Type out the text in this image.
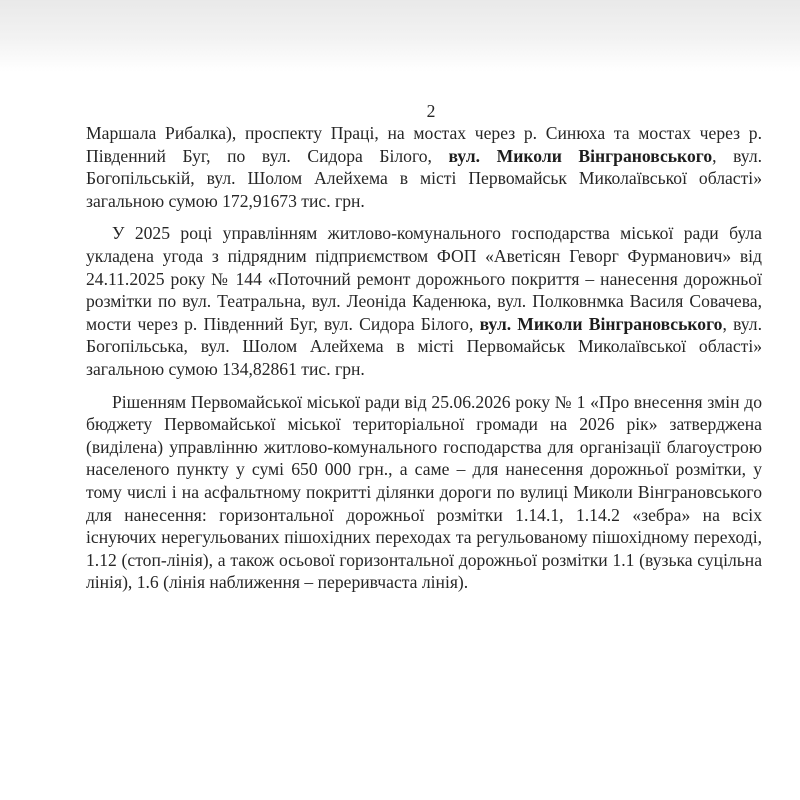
2

Маршала Рибалка), проспекту Праці, на мостах через р. Синюха та мостах через р. Південний Буг, по вул. Сидора Білого, вул. Миколи Вінграновського, вул. Богопільській, вул. Шолом Алейхема в місті Первомайськ Миколаївської області» загальною сумою 172,91673 тис. грн.

У 2025 році управлінням житлово-комунального господарства міської ради була укладена угода з підрядним підприємством ФОП «Аветісян Геворг Фурманович» від 24.11.2025 року № 144 «Поточний ремонт дорожнього покриття – нанесення дорожньої розмітки по вул. Театральна, вул. Леоніда Каденюка, вул. Полковнмка Василя Совачева, мости через р. Південний Буг, вул. Сидора Білого, вул. Миколи Вінграновського, вул. Богопільська, вул. Шолом Алейхема в місті Первомайськ Миколаївської області» загальною сумою 134,82861 тис. грн.

Рішенням Первомайської міської ради від 25.06.2026 року № 1 «Про внесення змін до бюджету Первомайської міської територіальної громади на 2026 рік» затверджена (виділена) управлінню житлово-комунального господарства для організації благоустрою населеного пункту у сумі 650 000 грн., а саме – для нанесення дорожньої розмітки, у тому числі і на асфальтному покритті ділянки дороги по вулиці Миколи Вінграновського для нанесення: горизонтальної дорожньої розмітки 1.14.1, 1.14.2 «зебра» на всіх існуючих нерегульованих пішохідних переходах та регульованому пішохідному переході, 1.12 (стоп-лінія), а також осьової горизонтальної дорожньої розмітки 1.1 (вузька суцільна лінія), 1.6 (лінія наближення – переривчаста лінія).
